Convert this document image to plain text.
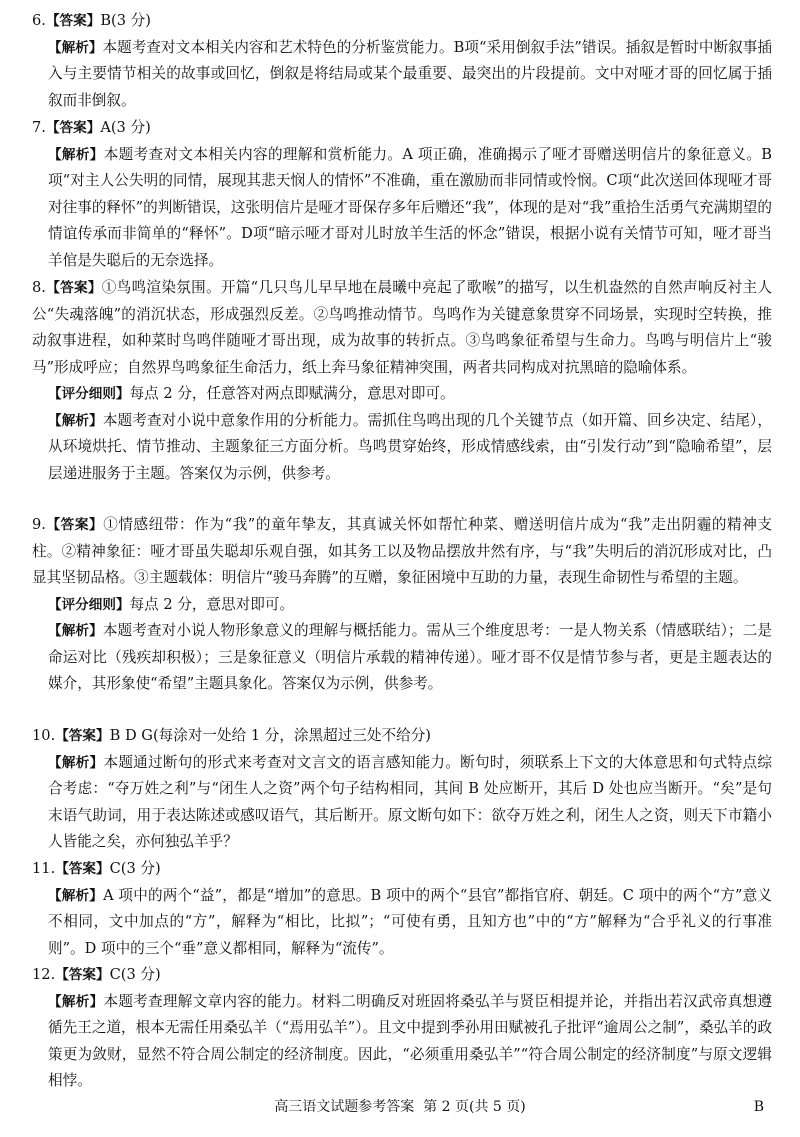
6.【答案】B(3 分)
【解析】本题考查对文本相关内容和艺术特色的分析鉴赏能力。B项“采用倒叙手法”错误。插叙是暂时中断叙事插入与主要情节相关的故事或回忆，倒叙是将结局或某个最重要、最突出的片段提前。文中对哑才哥的回忆属于插叙而非倒叙。
7.【答案】A(3 分)
【解析】本题考查对文本相关内容的理解和赏析能力。A 项正确，准确揭示了哑才哥赠送明信片的象征意义。B项“对主人公失明的同情，展现其悲天悯人的情怀”不准确，重在激励而非同情或怜悯。C项“此次送回体现哑才哥对往事的释怀”的判断错误，这张明信片是哑才哥保存多年后赠还“我”，体现的是对“我”重拾生活勇气充满期望的情谊传承而非简单的“释怀”。D项“暗示哑才哥对儿时放羊生活的怀念”错误，根据小说有关情节可知，哑才哥当羊倌是失聪后的无奈选择。
8.【答案】①鸟鸣渲染氛围。开篇“几只鸟儿早早地在晨曦中亮起了歌喉”的描写，以生机盎然的自然声响反衬主人公“失魂落魄”的消沉状态，形成强烈反差。②鸟鸣推动情节。鸟鸣作为关键意象贯穿不同场景，实现时空转换，推动叙事进程，如种菜时鸟鸣伴随哑才哥出现，成为故事的转折点。③鸟鸣象征希望与生命力。鸟鸣与明信片上“骏马”形成呼应；自然界鸟鸣象征生命活力，纸上奔马象征精神突围，两者共同构成对抗黑暗的隐喻体系。
【评分细则】每点 2 分，任意答对两点即赋满分，意思对即可。
【解析】本题考查对小说中意象作用的分析能力。需抓住鸟鸣出现的几个关键节点（如开篇、回乡决定、结尾），从环境烘托、情节推动、主题象征三方面分析。鸟鸣贯穿始终，形成情感线索，由“引发行动”到“隐喻希望”，层层递进服务于主题。答案仅为示例，供参考。
9.【答案】①情感纽带：作为“我”的童年挚友，其真诚关怀如帮忙种菜、赠送明信片成为“我”走出阴霾的精神支柱。②精神象征：哑才哥虽失聪却乐观自强，如其务工以及物品摆放井然有序，与“我”失明后的消沉形成对比，凸显其坚韧品格。③主题载体：明信片“骏马奔腾”的互赠，象征困境中互助的力量，表现生命韧性与希望的主题。
【评分细则】每点 2 分，意思对即可。
【解析】本题考查对小说人物形象意义的理解与概括能力。需从三个维度思考：一是人物关系（情感联结）；二是命运对比（残疾却积极）；三是象征意义（明信片承载的精神传递）。哑才哥不仅是情节参与者，更是主题表达的媒介，其形象使“希望”主题具象化。答案仅为示例，供参考。
10.【答案】B D G(每涂对一处给 1 分，涂黑超过三处不给分)
【解析】本题通过断句的形式来考查对文言文的语言感知能力。断句时，须联系上下文的大体意思和句式特点综合考虑：“夺万姓之利”与“闭生人之资”两个句子结构相同，其间 B 处应断开，其后 D 处也应当断开。“矣”是句末语气助词，用于表达陈述或感叹语气，其后断开。原文断句如下：欲夺万姓之利，闭生人之资，则天下市籍小人皆能之矣，亦何独弘羊乎？
11.【答案】C(3 分)
【解析】A 项中的两个“益”，都是“增加”的意思。B 项中的两个“县官”都指官府、朝廷。C 项中的两个“方”意义不相同，文中加点的“方”，解释为“相比，比拟”；“可使有勇，且知方也”中的“方”解释为“合乎礼义的行事准则”。D 项中的三个“垂”意义都相同，解释为“流传”。
12.【答案】C(3 分)
【解析】本题考查理解文章内容的能力。材料二明确反对班固将桑弘羊与贤臣相提并论，并指出若汉武帝真想遵循先王之道，根本无需任用桑弘羊（“焉用弘羊”）。且文中提到季孙用田赋被孔子批评“逾周公之制”，桑弘羊的政策更为敛财，显然不符合周公制定的经济制度。因此，“必须重用桑弘羊”“符合周公制定的经济制度”与原文逻辑相悖。
高三语文试题参考答案 第 2 页(共 5 页)	B
